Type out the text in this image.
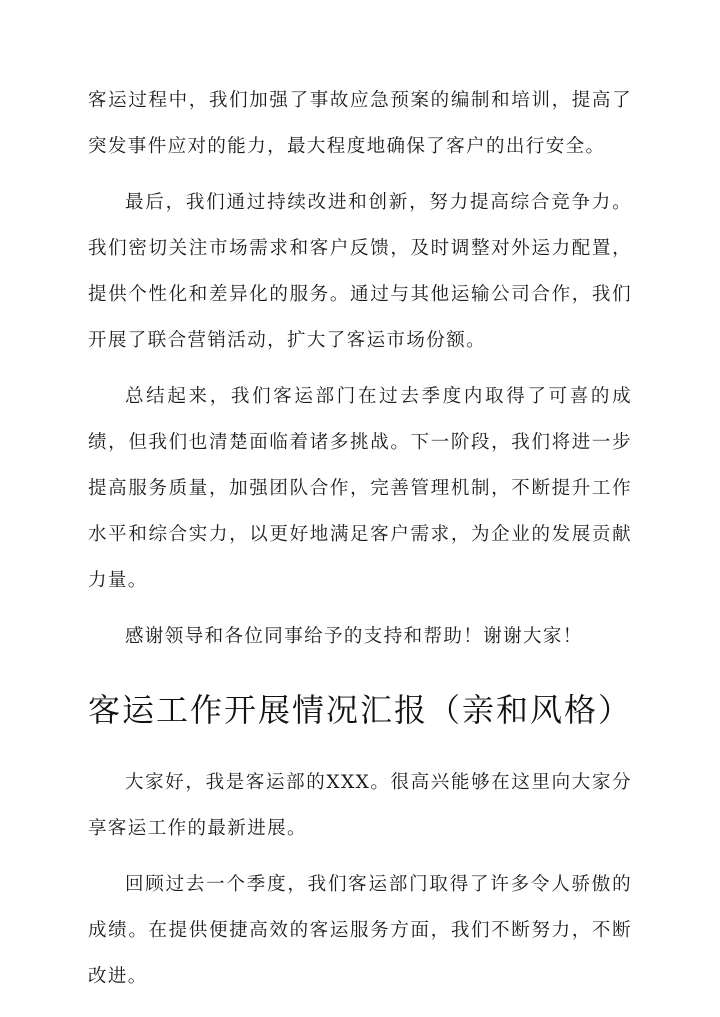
客运过程中，我们加强了事故应急预案的编制和培训，提高了突发事件应对的能力，最大程度地确保了客户的出行安全。

最后，我们通过持续改进和创新，努力提高综合竞争力。我们密切关注市场需求和客户反馈，及时调整对外运力配置，提供个性化和差异化的服务。通过与其他运输公司合作，我们开展了联合营销活动，扩大了客运市场份额。

总结起来，我们客运部门在过去季度内取得了可喜的成绩，但我们也清楚面临着诸多挑战。下一阶段，我们将进一步提高服务质量，加强团队合作，完善管理机制，不断提升工作水平和综合实力，以更好地满足客户需求，为企业的发展贡献力量。

感谢领导和各位同事给予的支持和帮助！谢谢大家！

客运工作开展情况汇报（亲和风格）

大家好，我是客运部的XXX。很高兴能够在这里向大家分享客运工作的最新进展。

回顾过去一个季度，我们客运部门取得了许多令人骄傲的成绩。在提供便捷高效的客运服务方面，我们不断努力，不断改进。
